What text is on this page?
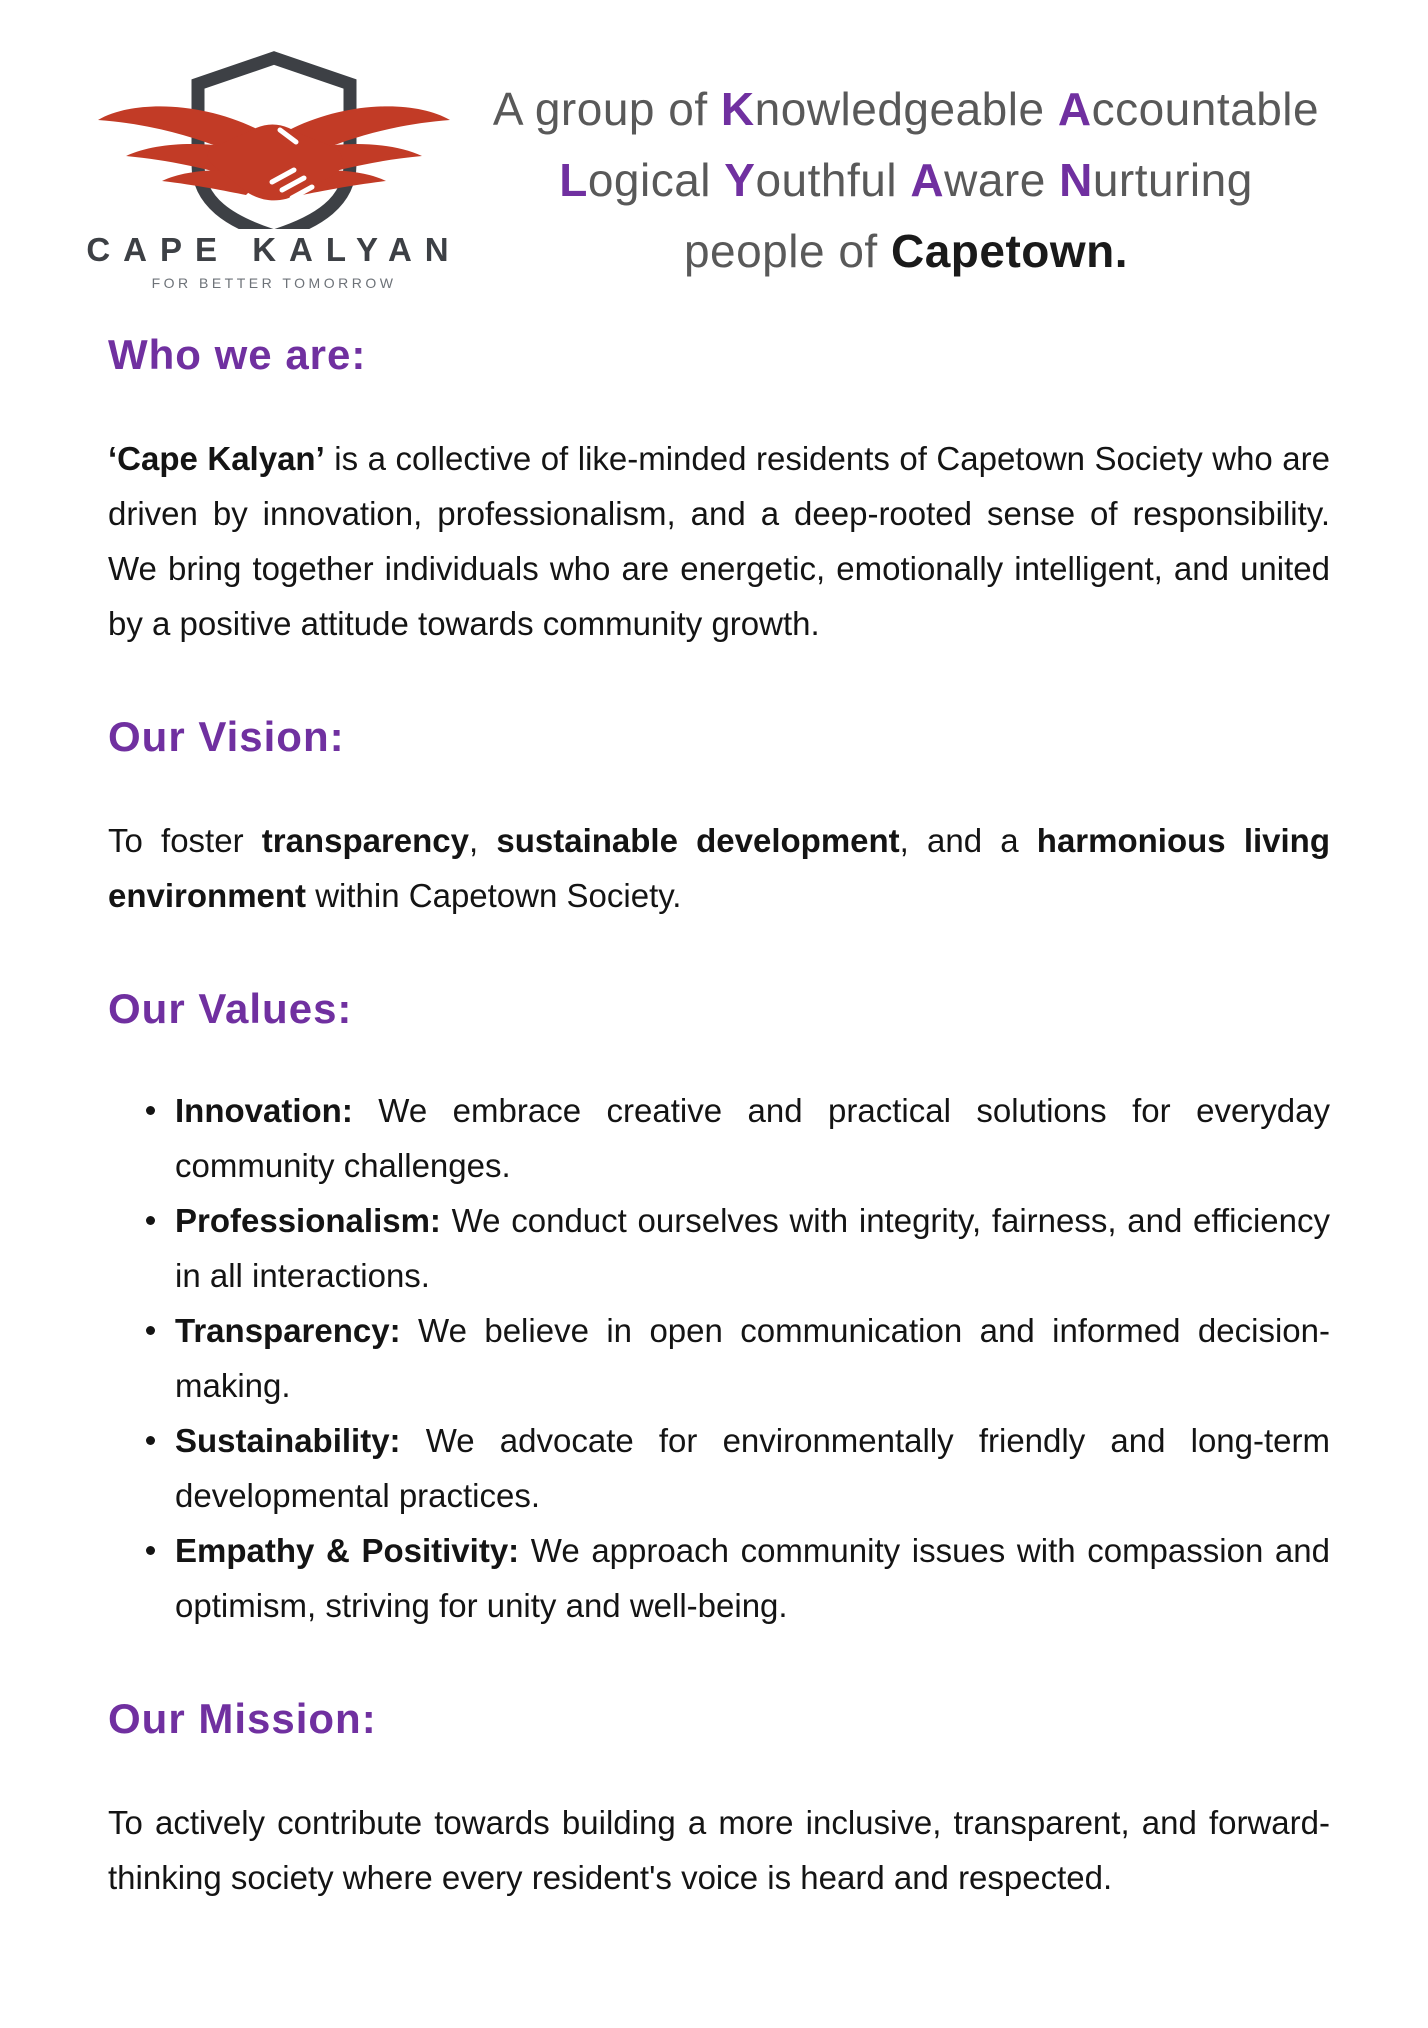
CAPE KALYAN
FOR BETTER TOMORROW
A group of Knowledgeable Accountable
Logical Youthful Aware Nurturing
people of Capetown.
Who we are:

‘Cape Kalyan’ is a collective of like-minded residents of Capetown Society who are driven by innovation, professionalism, and a deep-rooted sense of responsibility. We bring together individuals who are energetic, emotionally intelligent, and united by a positive attitude towards community growth.

Our Vision:

To foster transparency, sustainable development, and a harmonious living environment within Capetown Society.

Our Values:
Innovation: We embrace creative and practical solutions for everyday community challenges.
Professionalism: We conduct ourselves with integrity, fairness, and efficiency in all interactions.
Transparency: We believe in open communication and informed decision-making.
Sustainability: We advocate for environmentally friendly and long-term developmental practices.
Empathy & Positivity: We approach community issues with compassion and optimism, striving for unity and well-being.
Our Mission:

To actively contribute towards building a more inclusive, transparent, and forward-thinking society where every resident's voice is heard and respected.
